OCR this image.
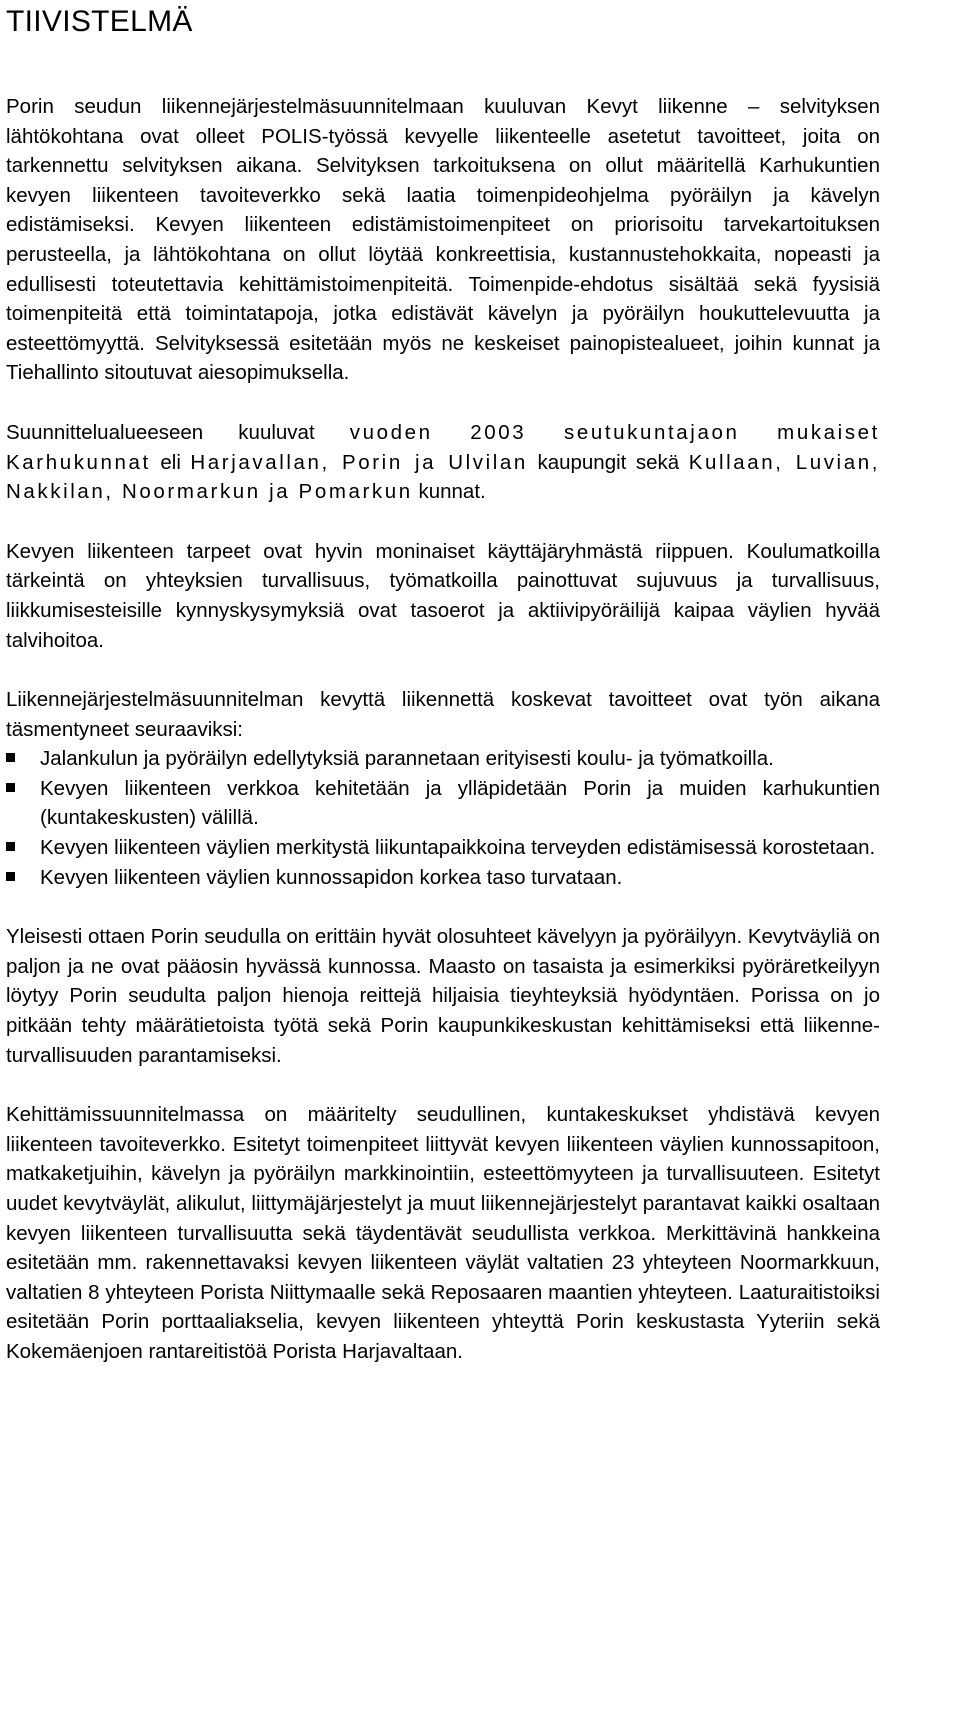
TIIVISTELMÄ

Porin seudun liikennejärjestelmäsuunnitelmaan kuuluvan Kevyt liikenne – selvityksen lähtökohtana ovat olleet POLIS-työssä kevyelle liikenteelle asetetut tavoitteet, joita on tarkennettu selvityksen aikana. Selvityksen tarkoituksena on ollut määritellä Karhukuntien kevyen liikenteen tavoiteverkko sekä laatia toimenpideohjelma pyöräilyn ja kävelyn edistämiseksi. Kevyen liikenteen edistämistoimenpiteet on priorisoitu tarvekartoituksen perusteella, ja lähtökohtana on ollut löytää konkreettisia, kustannustehokkaita, nopeasti ja edullisesti toteutettavia kehittämistoimenpiteitä. Toimenpide-ehdotus sisältää sekä fyysisiä toimenpiteitä että toimintatapoja, jotka edistävät kävelyn ja pyöräilyn houkuttelevuutta ja esteettömyyttä. Selvityksessä esitetään myös ne keskeiset painopistealueet, joihin kunnat ja Tiehallinto sitoutuvat aiesopimuksella.

Suunnittelualueeseen kuuluvat vuoden 2003 seutukuntajaon mukaiset Karhukunnat eli Harjavallan, Porin ja Ulvilan kaupungit sekä Kullaan, Luvian, Nakkilan, Noormarkun ja Pomarkun kunnat.

Kevyen liikenteen tarpeet ovat hyvin moninaiset käyttäjäryhmästä riippuen. Koulumatkoilla tärkeintä on yhteyksien turvallisuus, työmatkoilla painottuvat sujuvuus ja turvallisuus, liikkumisesteisille kynnyskysymyksiä ovat tasoerot ja aktiivipyöräilijä kaipaa väylien hyvää talvihoitoa.

Liikennejärjestelmäsuunnitelman kevyttä liikennettä koskevat tavoitteet ovat työn aikana täsmentyneet seuraaviksi:

Jalankulun ja pyöräilyn edellytyksiä parannetaan erityisesti koulu- ja työmatkoilla.
Kevyen liikenteen verkkoa kehitetään ja ylläpidetään Porin ja muiden karhukuntien (kuntakeskusten) välillä.
Kevyen liikenteen väylien merkitystä liikuntapaikkoina terveyden edistämisessä korostetaan.
Kevyen liikenteen väylien kunnossapidon korkea taso turvataan.

Yleisesti ottaen Porin seudulla on erittäin hyvät olosuhteet kävelyyn ja pyöräilyyn. Kevytväyliä on paljon ja ne ovat pääosin hyvässä kunnossa. Maasto on tasaista ja esimerkiksi pyöräretkeilyyn löytyy Porin seudulta paljon hienoja reittejä hiljaisia tieyhteyksiä hyödyntäen. Porissa on jo pitkään tehty määrätietoista työtä sekä Porin kaupunkikeskustan kehittämiseksi että liikenneturvallisuuden parantamiseksi.

Kehittämissuunnitelmassa on määritelty seudullinen, kuntakeskukset yhdistävä kevyen liikenteen tavoiteverkko. Esitetyt toimenpiteet liittyvät kevyen liikenteen väylien kunnossapitoon, matkaketjuihin, kävelyn ja pyöräilyn markkinointiin, esteettömyyteen ja turvallisuuteen. Esitetyt uudet kevytväylät, alikulut, liittymäjärjestelyt ja muut liikennejärjestelyt parantavat kaikki osaltaan kevyen liikenteen turvallisuutta sekä täydentävät seudullista verkkoa. Merkittävinä hankkeina esitetään mm. rakennettavaksi kevyen liikenteen väylät valtatien 23 yhteyteen Noormarkkuun, valtatien 8 yhteyteen Porista Niittymaalle sekä Reposaaren maantien yhteyteen. Laaturaitistoiksi esitetään Porin porttaaliakselia, kevyen liikenteen yhteyttä Porin keskustasta Yyteriin sekä Kokemäenjoen rantareitistöä Porista Harjavaltaan.
